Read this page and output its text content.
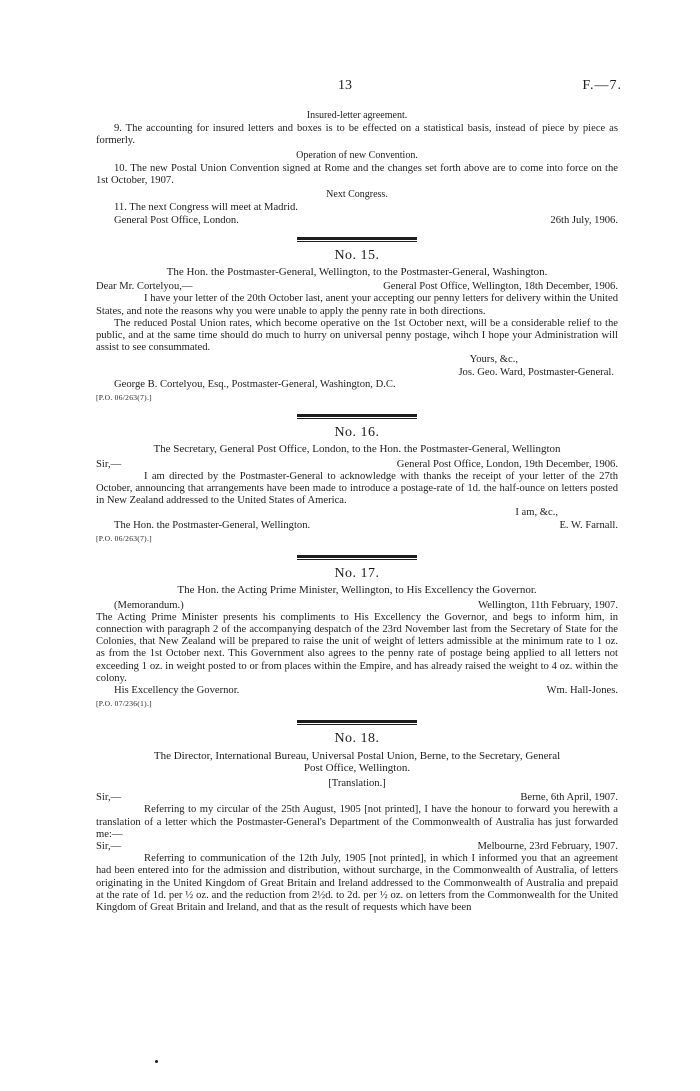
13	F.—7.

Insured-letter agreement.

9. The accounting for insured letters and boxes is to be effected on a statistical basis, instead of piece by piece as formerly.

Operation of new Convention.

10. The new Postal Union Convention signed at Rome and the changes set forth above are to come into force on the 1st October, 1907.

Next Congress.

11. The next Congress will meet at Madrid.

General Post Office, London.	26th July, 1906.

No. 15.

The Hon. the Postmaster-General, Wellington, to the Postmaster-General, Washington.

Dear Mr. Cortelyou,—	General Post Office, Wellington, 18th December, 1906.

I have your letter of the 20th October last, anent your accepting our penny letters for delivery within the United States, and note the reasons why you were unable to apply the penny rate in both directions.

The reduced Postal Union rates, which become operative on the 1st October next, will be a considerable relief to the public, and at the same time should do much to hurry on universal penny postage, wihch I hope your Administration will assist to see consummated.

Yours, &c.,

Jos. Geo. Ward, Postmaster-General.

George B. Cortelyou, Esq., Postmaster-General, Washington, D.C.

[P.O. 06/263(7).]

No. 16.

The Secretary, General Post Office, London, to the Hon. the Postmaster-General, Wellington

Sir,—	General Post Office, London, 19th December, 1906.

I am directed by the Postmaster-General to acknowledge with thanks the receipt of your letter of the 27th October, announcing that arrangements have been made to introduce a postage-rate of 1d. the half-ounce on letters posted in New Zealand addressed to the United States of America.

I am, &c.,

The Hon. the Postmaster-General, Wellington.	E. W. Farnall.

[P.O. 06/263(7).]

No. 17.

The Hon. the Acting Prime Minister, Wellington, to His Excellency the Governor.

(Memorandum.)	Wellington, 11th February, 1907.

The Acting Prime Minister presents his compliments to His Excellency the Governor, and begs to inform him, in connection with paragraph 2 of the accompanying despatch of the 23rd November last from the Secretary of State for the Colonies, that New Zealand will be prepared to raise the unit of weight of letters admissible at the minimum rate to 1 oz. as from the 1st October next. This Government also agrees to the penny rate of postage being applied to all letters not exceeding 1 oz. in weight posted to or from places within the Empire, and has already raised the weight to 4 oz. within the colony.

His Excellency the Governor.	Wm. Hall-Jones.

[P.O. 07/236(1).]

No. 18.

The Director, International Bureau, Universal Postal Union, Berne, to the Secretary, General

Post Office, Wellington.

[Translation.]

Sir,—	Berne, 6th April, 1907.

Referring to my circular of the 25th August, 1905 [not printed], I have the honour to forward you herewith a translation of a letter which the Postmaster-General's Department of the Commonwealth of Australia has just forwarded me:—

Sir,—	Melbourne, 23rd February, 1907.

Referring to communication of the 12th July, 1905 [not printed], in which I informed you that an agreement had been entered into for the admission and distribution, without surcharge, in the Commonwealth of Australia, of letters originating in the United Kingdom of Great Britain and Ireland addressed to the Commonwealth of Australia and prepaid at the rate of 1d. per ½ oz. and the reduction from 2½d. to 2d. per ½ oz. on letters from the Commonwealth for the United Kingdom of Great Britain and Ireland, and that as the result of requests which have been
